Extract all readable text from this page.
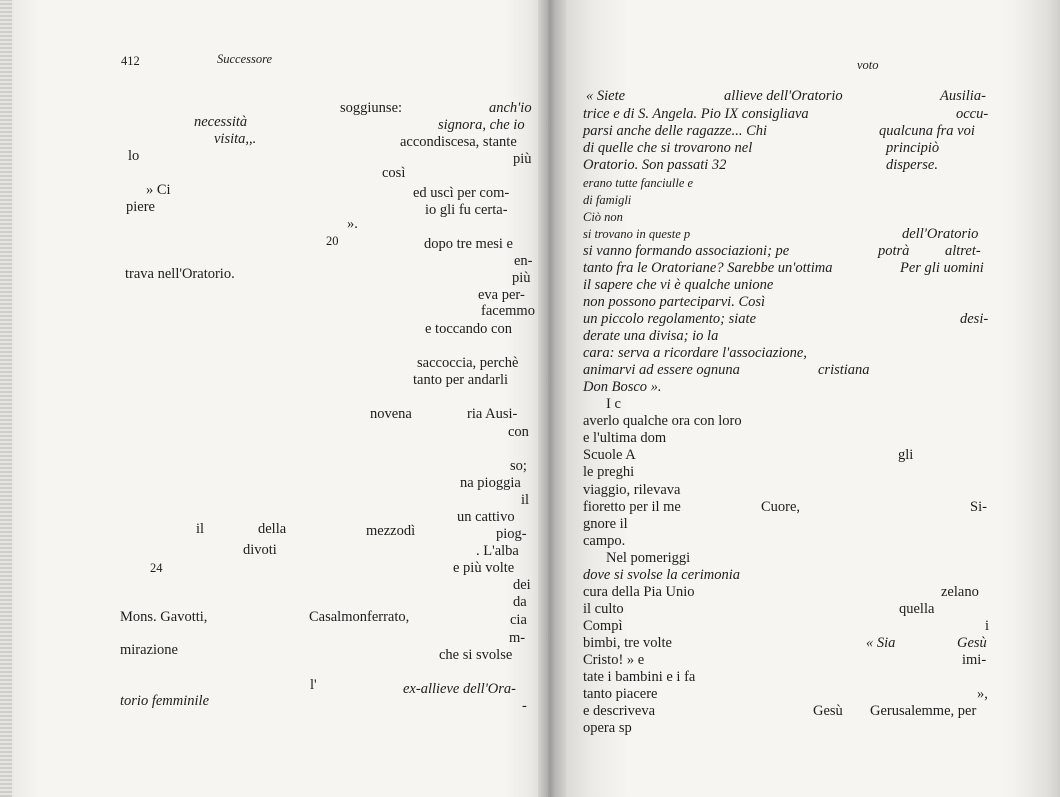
412	Successore
soggiunse:	anch'io
necessità	signora, che io
visita,,.	accondiscesa, stante
lo	più
così
» Ci	ed uscì per com-
piere	io gli fu certa-
».
20	dopo tre mesi e
en-
trava nell'Oratorio.	più
eva per-
facemmo
e toccando con
saccoccia, perchè
tanto per andarli
novena	ria Ausi-
con
so;
na pioggia
il
un cattivo
il	della	mezzodì	piog-
divoti	. L'alba
24	e più volte
dei
da
Mons. Gavotti,	Casalmonferrato,	cia
m-
mirazione	che si svolse
l'	ex-allieve dell'Ora-
torio femminile	-
voto
« Siete	allieve dell'Oratorio	Ausilia-
trice e di S. Angela. Pio IX consigliava	occu-
parsi anche delle ragazze... Chi	qualcuna fra voi
di quelle che si trovarono nel	principiò
Oratorio. Son passati 32	disperse.
erano tutte fanciulle e
di famigli
Ciò non
si trovano in queste p	dell'Oratorio
si vanno formando associazioni; pe	potrà altret-
tanto fra le Oratoriane? Sarebbe un'ottima	Per gli uomini
il sapere che vi è qualche unione
non possono parteciparvi. Così
un piccolo regolamento; siate	desi-
derate una divisa; io la
cara: serva a ricordare l'associazione,
animarvi ad essere ognuna	cristiana
Don Bosco ».
I c
averlo qualche ora con loro
e l'ultima dom
Scuole A	gli
le preghi
viaggio, rilevava
fioretto per il me	Cuore,	Si-
gnore il
campo.
Nel pomeriggi
dove si svolse la cerimonia
cura della Pia Unio	zelano
il culto	quella
Compì	i
bimbi, tre volte	« Sia	Gesù
Cristo! » e	imi-
tate i bambini e i fa
tanto piacere	»,
e descriveva	Gesù Gerusalemme, per
opera sp
